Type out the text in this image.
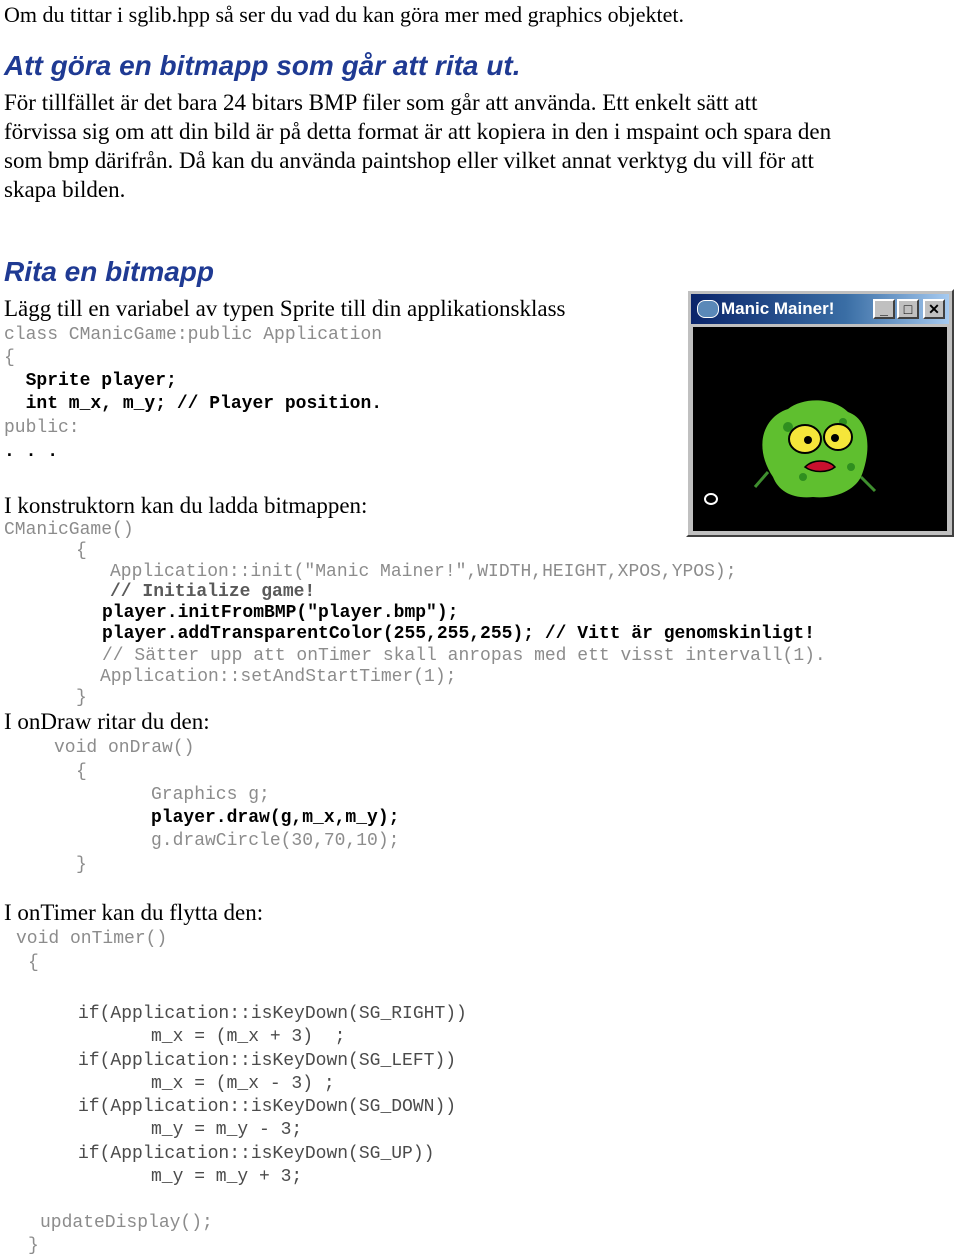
Om du tittar i sglib.hpp så ser du vad du kan göra mer med graphics objektet.
Att göra en bitmapp som går att rita ut.
För tillfället är det bara 24 bitars BMP filer som går att använda. Ett enkelt sätt att
förvissa sig om att din bild är på detta format är att kopiera in den i mspaint och spara den
som bmp därifrån. Då kan du använda paintshop eller vilket annat verktyg du vill för att
skapa bilden.
Rita en bitmapp
Lägg till en variabel av typen Sprite till din applikationsklass
class CManicGame:public Application
{
Sprite player;
int m_x, m_y; // Player position.
public:
. . .
I konstruktorn kan du ladda bitmappen:
CManicGame()
{
Application::init("Manic Mainer!",WIDTH,HEIGHT,XPOS,YPOS);
// Initialize game!
player.initFromBMP("player.bmp");
player.addTransparentColor(255,255,255); // Vitt är genomskinligt!
// Sätter upp att onTimer skall anropas med ett visst intervall(1).
Application::setAndStartTimer(1);
}
I onDraw ritar du den:
void onDraw()
{
Graphics g;
player.draw(g,m_x,m_y);
g.drawCircle(30,70,10);
}
I onTimer kan du flytta den:
void onTimer()
{
if(Application::isKeyDown(SG_RIGHT))
m_x = (m_x + 3)  ;
if(Application::isKeyDown(SG_LEFT))
m_x = (m_x - 3) ;
if(Application::isKeyDown(SG_DOWN))
m_y = m_y - 3;
if(Application::isKeyDown(SG_UP))
m_y = m_y + 3;
updateDisplay();
}
Manic Mainer!	_	□	✕
